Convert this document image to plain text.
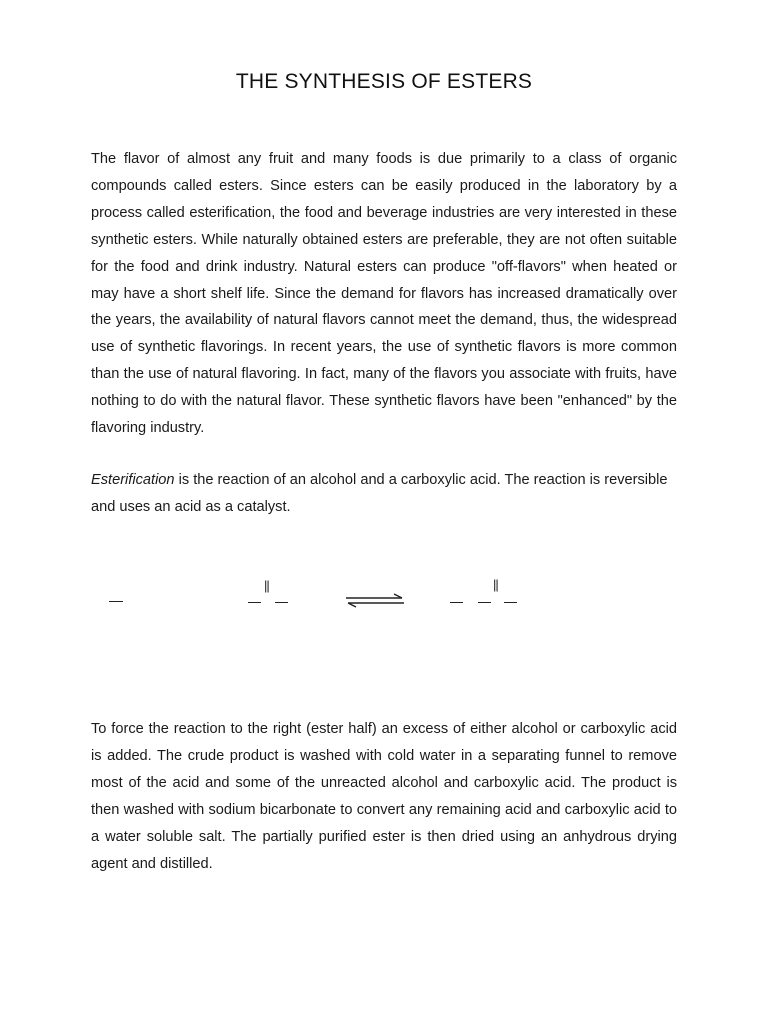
THE SYNTHESIS OF ESTERS
The flavor of almost any fruit and many foods is due primarily to a class of organic compounds called esters. Since esters can be easily produced in the laboratory by a process called esterification, the food and beverage industries are very interested in these synthetic esters. While naturally obtained esters are preferable, they are not often suitable for the food and drink industry. Natural esters can produce "off-flavors" when heated or may have a short shelf life. Since the demand for flavors has increased dramatically over the years, the availability of natural flavors cannot meet the demand, thus, the widespread use of synthetic flavorings. In recent years, the use of synthetic flavors is more common than the use of natural flavoring. In fact, many of the flavors you associate with fruits, have nothing to do with the natural flavor. These synthetic flavors have been "enhanced" by the flavoring industry.
Esterification is the reaction of an alcohol and a carboxylic acid. The reaction is reversible and uses an acid as a catalyst.
||	||
To force the reaction to the right (ester half) an excess of either alcohol or carboxylic acid is added. The crude product is washed with cold water in a separating funnel to remove most of the acid and some of the unreacted alcohol and carboxylic acid. The product is then washed with sodium bicarbonate to convert any remaining acid and carboxylic acid to a water soluble salt. The partially purified ester is then dried using an anhydrous drying agent and distilled.
